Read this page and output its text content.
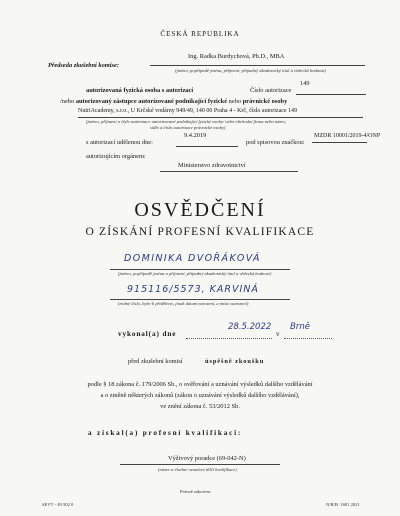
ČESKÁ REPUBLIKA
Předseda zkušební komise:
Ing. Radka Burdychová, Ph.D., MBA
(jméno, popřípadě jména, příjmení, případný akademický titul a vědecká hodnost)
autorizovaná fyzická osoba s autorizací	Číslo autorizace
149
/nebo autorizovaný zástupce autorizované podnikající fyzické nebo právnické osoby
NutriAcademy, s.r.o., U Krčské vodárny 949/49, 140 00 Praha 4 - Krč, číslo autorizace 149
(jméno, příjmení a číslo autorizace autorizované podnikající fyzické osoby/ nebo obchodní firma nebo název,
sídlo a číslo autorizace právnické osoby)
s autorizací udělenou dne:
9.4.2019
pod spisovou značkou:
MZDR 10001/2019-4/ONP
autorizujícím orgánem:
Ministerstvo zdravotnictví
OSVĚDČENÍ
O ZÍSKÁNÍ PROFESNÍ KVALIFIKACE
DOMINIKA DVOŘÁKOVÁ
(jméno, popřípadě jména a příjmení, případný akademický titul a vědecká hodnost)
915116/5573, KARVINÁ
(rodné číslo, bylo-li přiděleno, jinak datum narození, a místo narození)
vykonal(a) dne
28.5.2022
v
Brně
před zkušební komisí	úspěšně zkoušku
podle § 18 zákona č. 179/2006 Sb., o ověřování a uznávání výsledků dalšího vzdělávání
a o změně některých zákonů (zákon o uznávání výsledků dalšího vzdělávání),
ve znění zákona č. 53/2012 Sb.
a získal(a) profesní kvalifikaci:
Výživový poradce (69-042-N)
(název a číselné označení dílčí kvalifikace)
Právně zakotven
SEVT - 49 502 0	N/R/B. 1681 2021
